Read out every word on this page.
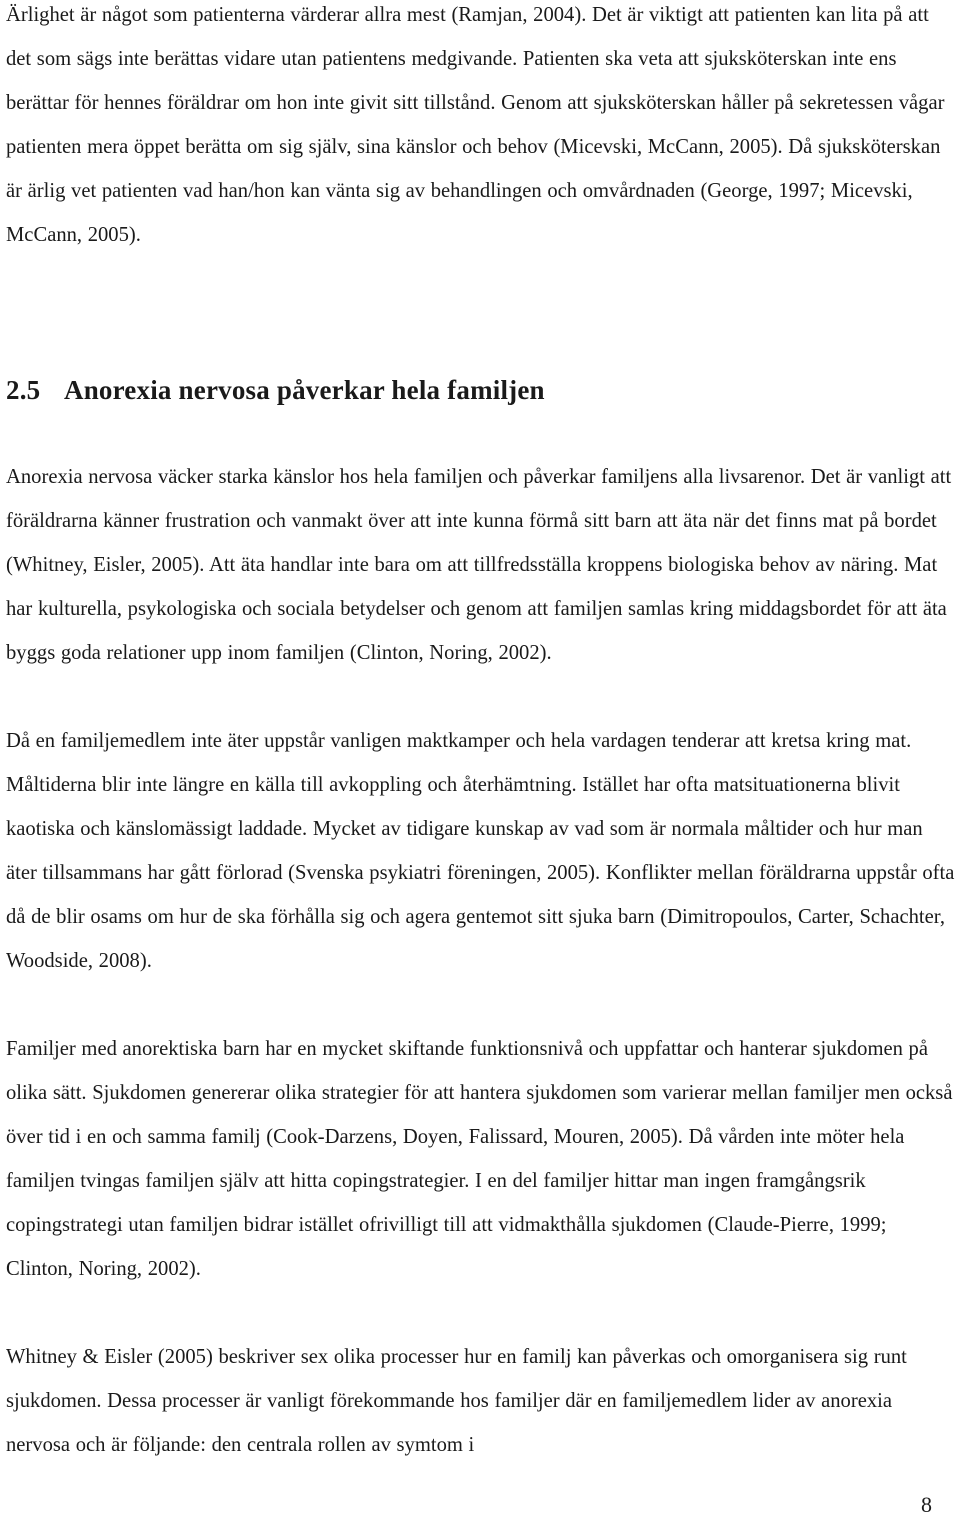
Ärlighet är något som patienterna värderar allra mest (Ramjan, 2004). Det är viktigt att patienten kan lita på att det som sägs inte berättas vidare utan patientens medgivande. Patienten ska veta att sjuksköterskan inte ens berättar för hennes föräldrar om hon inte givit sitt tillstånd. Genom att sjuksköterskan håller på sekretessen vågar patienten mera öppet berätta om sig själv, sina känslor och behov (Micevski, McCann, 2005). Då sjuksköterskan är ärlig vet patienten vad han/hon kan vänta sig av behandlingen och omvårdnaden (George, 1997; Micevski, McCann, 2005).

2.5 Anorexia nervosa påverkar hela familjen

Anorexia nervosa väcker starka känslor hos hela familjen och påverkar familjens alla livsarenor. Det är vanligt att föräldrarna känner frustration och vanmakt över att inte kunna förmå sitt barn att äta när det finns mat på bordet (Whitney, Eisler, 2005). Att äta handlar inte bara om att tillfredsställa kroppens biologiska behov av näring. Mat har kulturella, psykologiska och sociala betydelser och genom att familjen samlas kring middagsbordet för att äta byggs goda relationer upp inom familjen (Clinton, Noring, 2002).

Då en familjemedlem inte äter uppstår vanligen maktkamper och hela vardagen tenderar att kretsa kring mat. Måltiderna blir inte längre en källa till avkoppling och återhämtning. Istället har ofta matsituationerna blivit kaotiska och känslomässigt laddade. Mycket av tidigare kunskap av vad som är normala måltider och hur man äter tillsammans har gått förlorad (Svenska psykiatri föreningen, 2005). Konflikter mellan föräldrarna uppstår ofta då de blir osams om hur de ska förhålla sig och agera gentemot sitt sjuka barn (Dimitropoulos, Carter, Schachter, Woodside, 2008).

Familjer med anorektiska barn har en mycket skiftande funktionsnivå och uppfattar och hanterar sjukdomen på olika sätt. Sjukdomen genererar olika strategier för att hantera sjukdomen som varierar mellan familjer men också över tid i en och samma familj (Cook-Darzens, Doyen, Falissard, Mouren, 2005). Då vården inte möter hela familjen tvingas familjen själv att hitta copingstrategier. I en del familjer hittar man ingen framgångsrik copingstrategi utan familjen bidrar istället ofrivilligt till att vidmakthålla sjukdomen (Claude-Pierre, 1999; Clinton, Noring, 2002).

Whitney & Eisler (2005) beskriver sex olika processer hur en familj kan påverkas och omorganisera sig runt sjukdomen. Dessa processer är vanligt förekommande hos familjer där en familjemedlem lider av anorexia nervosa och är följande: den centrala rollen av symtom i

8
